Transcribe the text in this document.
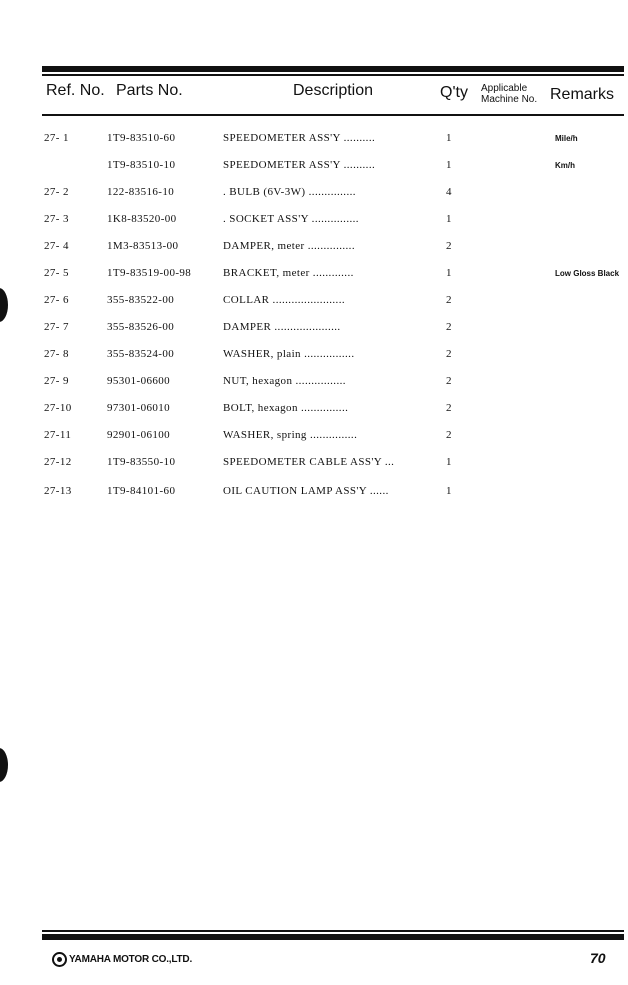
Ref. No. Parts No.	Description	Q'ty Applicable
Machine No. Remarks
27- 1	1T9-83510-60	SPEEDOMETER ASS'Y ..........	1	Mile/h
1T9-83510-10	SPEEDOMETER ASS'Y ..........	1	Km/h
27- 2	122-83516-10	. BULB (6V-3W) ...............	4
27- 3	1K8-83520-00	. SOCKET ASS'Y ...............	1
27- 4	1M3-83513-00	DAMPER, meter ...............	2
27- 5	1T9-83519-00-98	BRACKET, meter .............	1	Low Gloss Black
27- 6	355-83522-00	COLLAR .......................	2
27- 7	355-83526-00	DAMPER .....................	2
27- 8	355-83524-00	WASHER, plain ................	2
27- 9	95301-06600	NUT, hexagon ................	2
27-10	97301-06010	BOLT, hexagon ...............	2
27-11	92901-06100	WASHER, spring ...............	2
27-12	1T9-83550-10	SPEEDOMETER CABLE ASS'Y ...	1
27-13	1T9-84101-60	OIL CAUTION LAMP ASS'Y ......	1
YAMAHA MOTOR CO.,LTD.	70
